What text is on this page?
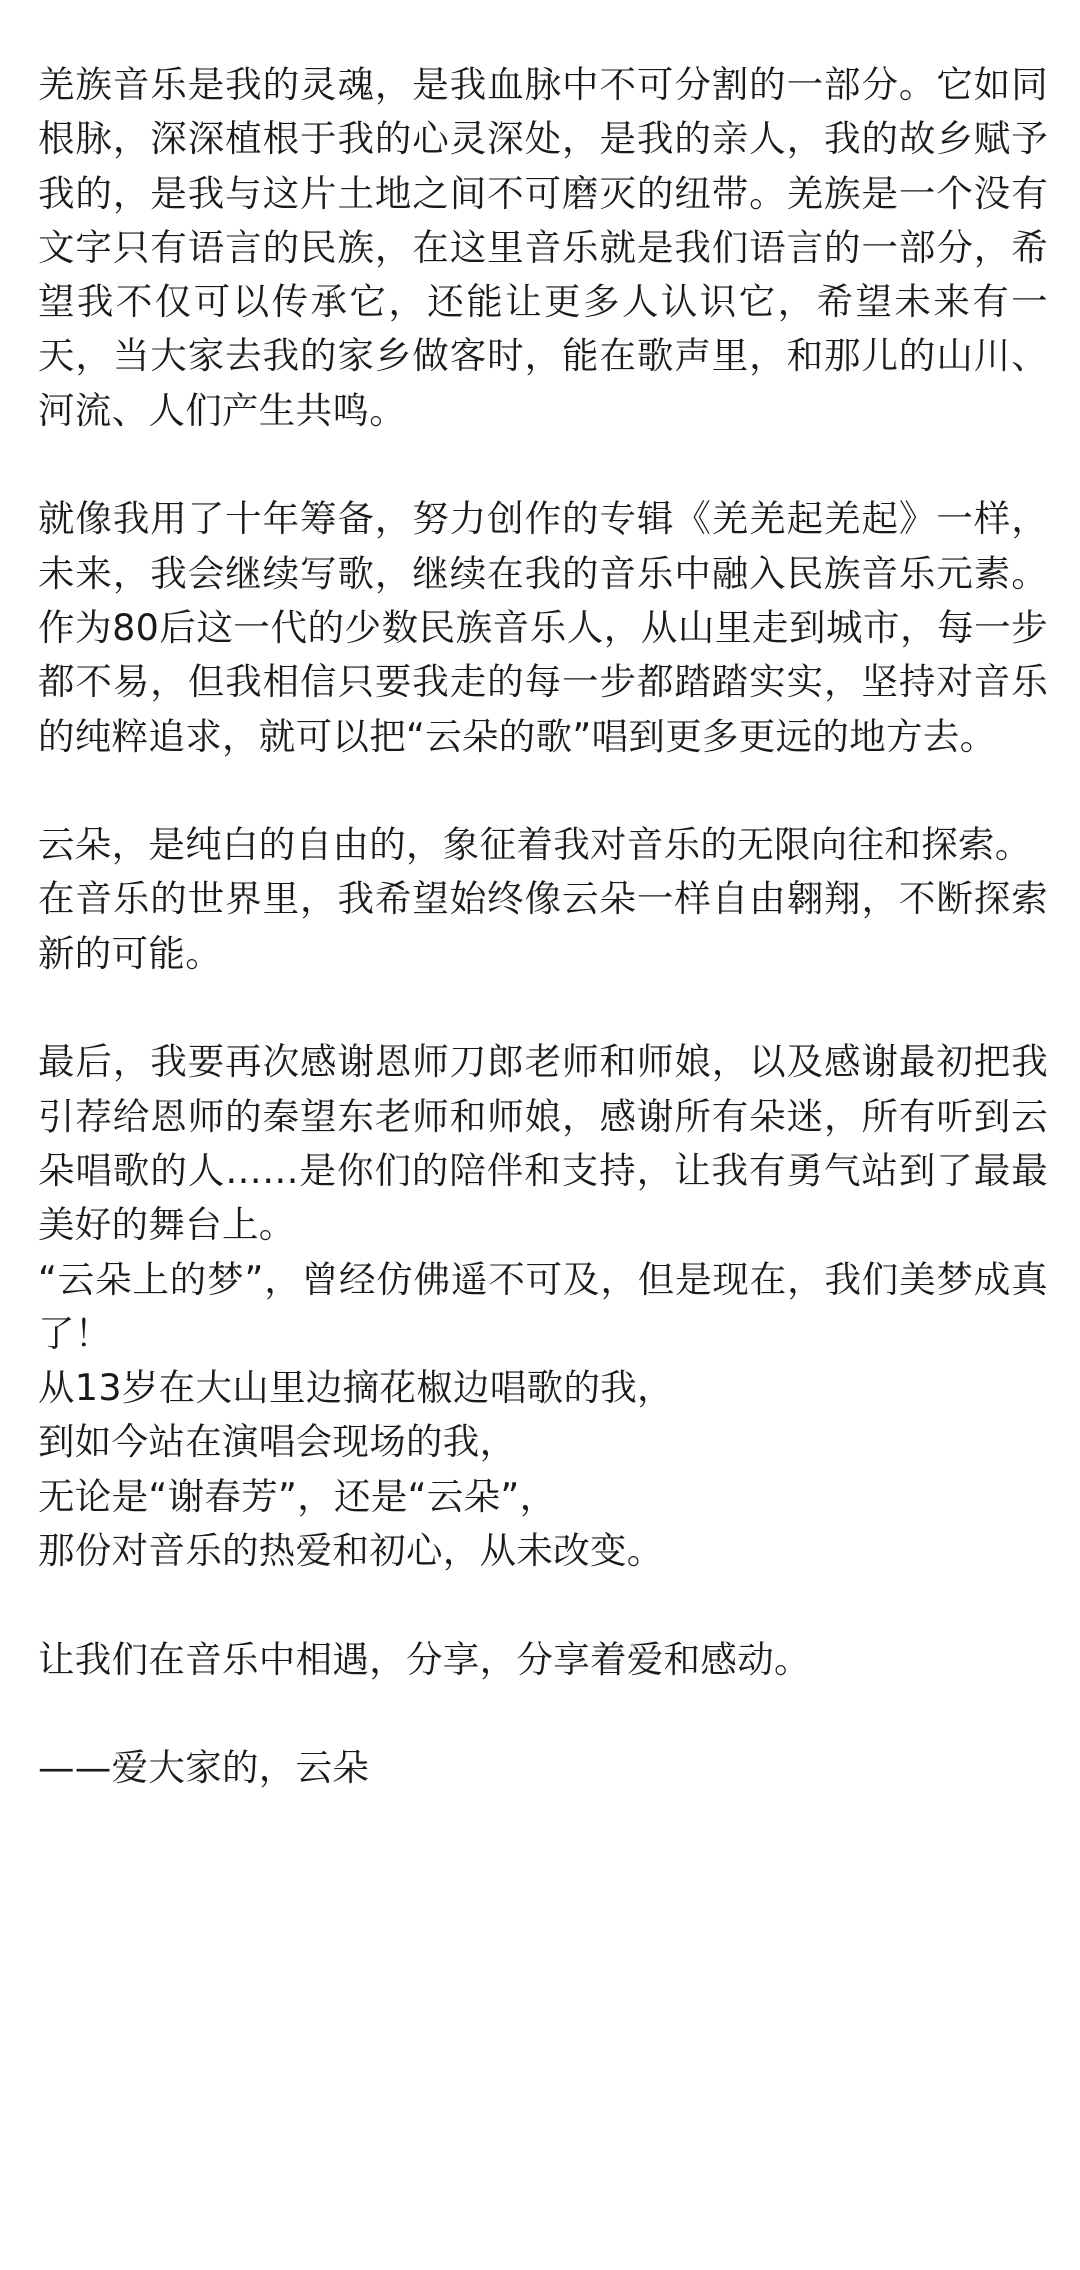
羌族音乐是我的灵魂，是我血脉中不可分割的一部分。它如同根脉，深深植根于我的心灵深处，是我的亲人，我的故乡赋予我的，是我与这片土地之间不可磨灭的纽带。羌族是一个没有文字只有语言的民族，在这里音乐就是我们语言的一部分，希望我不仅可以传承它，还能让更多人认识它，希望未来有一天，当大家去我的家乡做客时，能在歌声里，和那儿的山川、河流、人们产生共鸣。

就像我用了十年筹备，努力创作的专辑《羌羌起羌起》一样，未来，我会继续写歌，继续在我的音乐中融入民族音乐元素。作为80后这一代的少数民族音乐人，从山里走到城市，每一步都不易，但我相信只要我走的每一步都踏踏实实，坚持对音乐的纯粹追求，就可以把“云朵的歌”唱到更多更远的地方去。

云朵，是纯白的自由的，象征着我对音乐的无限向往和探索。

在音乐的世界里，我希望始终像云朵一样自由翱翔，不断探索新的可能。

最后，我要再次感谢恩师刀郎老师和师娘，以及感谢最初把我引荐给恩师的秦望东老师和师娘，感谢所有朵迷，所有听到云朵唱歌的人……是你们的陪伴和支持，让我有勇气站到了最最美好的舞台上。

“云朵上的梦”，曾经仿佛遥不可及，但是现在，我们美梦成真了！

从13岁在大山里边摘花椒边唱歌的我，

到如今站在演唱会现场的我，

无论是“谢春芳”，还是“云朵”，

那份对音乐的热爱和初心，从未改变。

让我们在音乐中相遇，分享，分享着爱和感动。

——爱大家的，云朵
